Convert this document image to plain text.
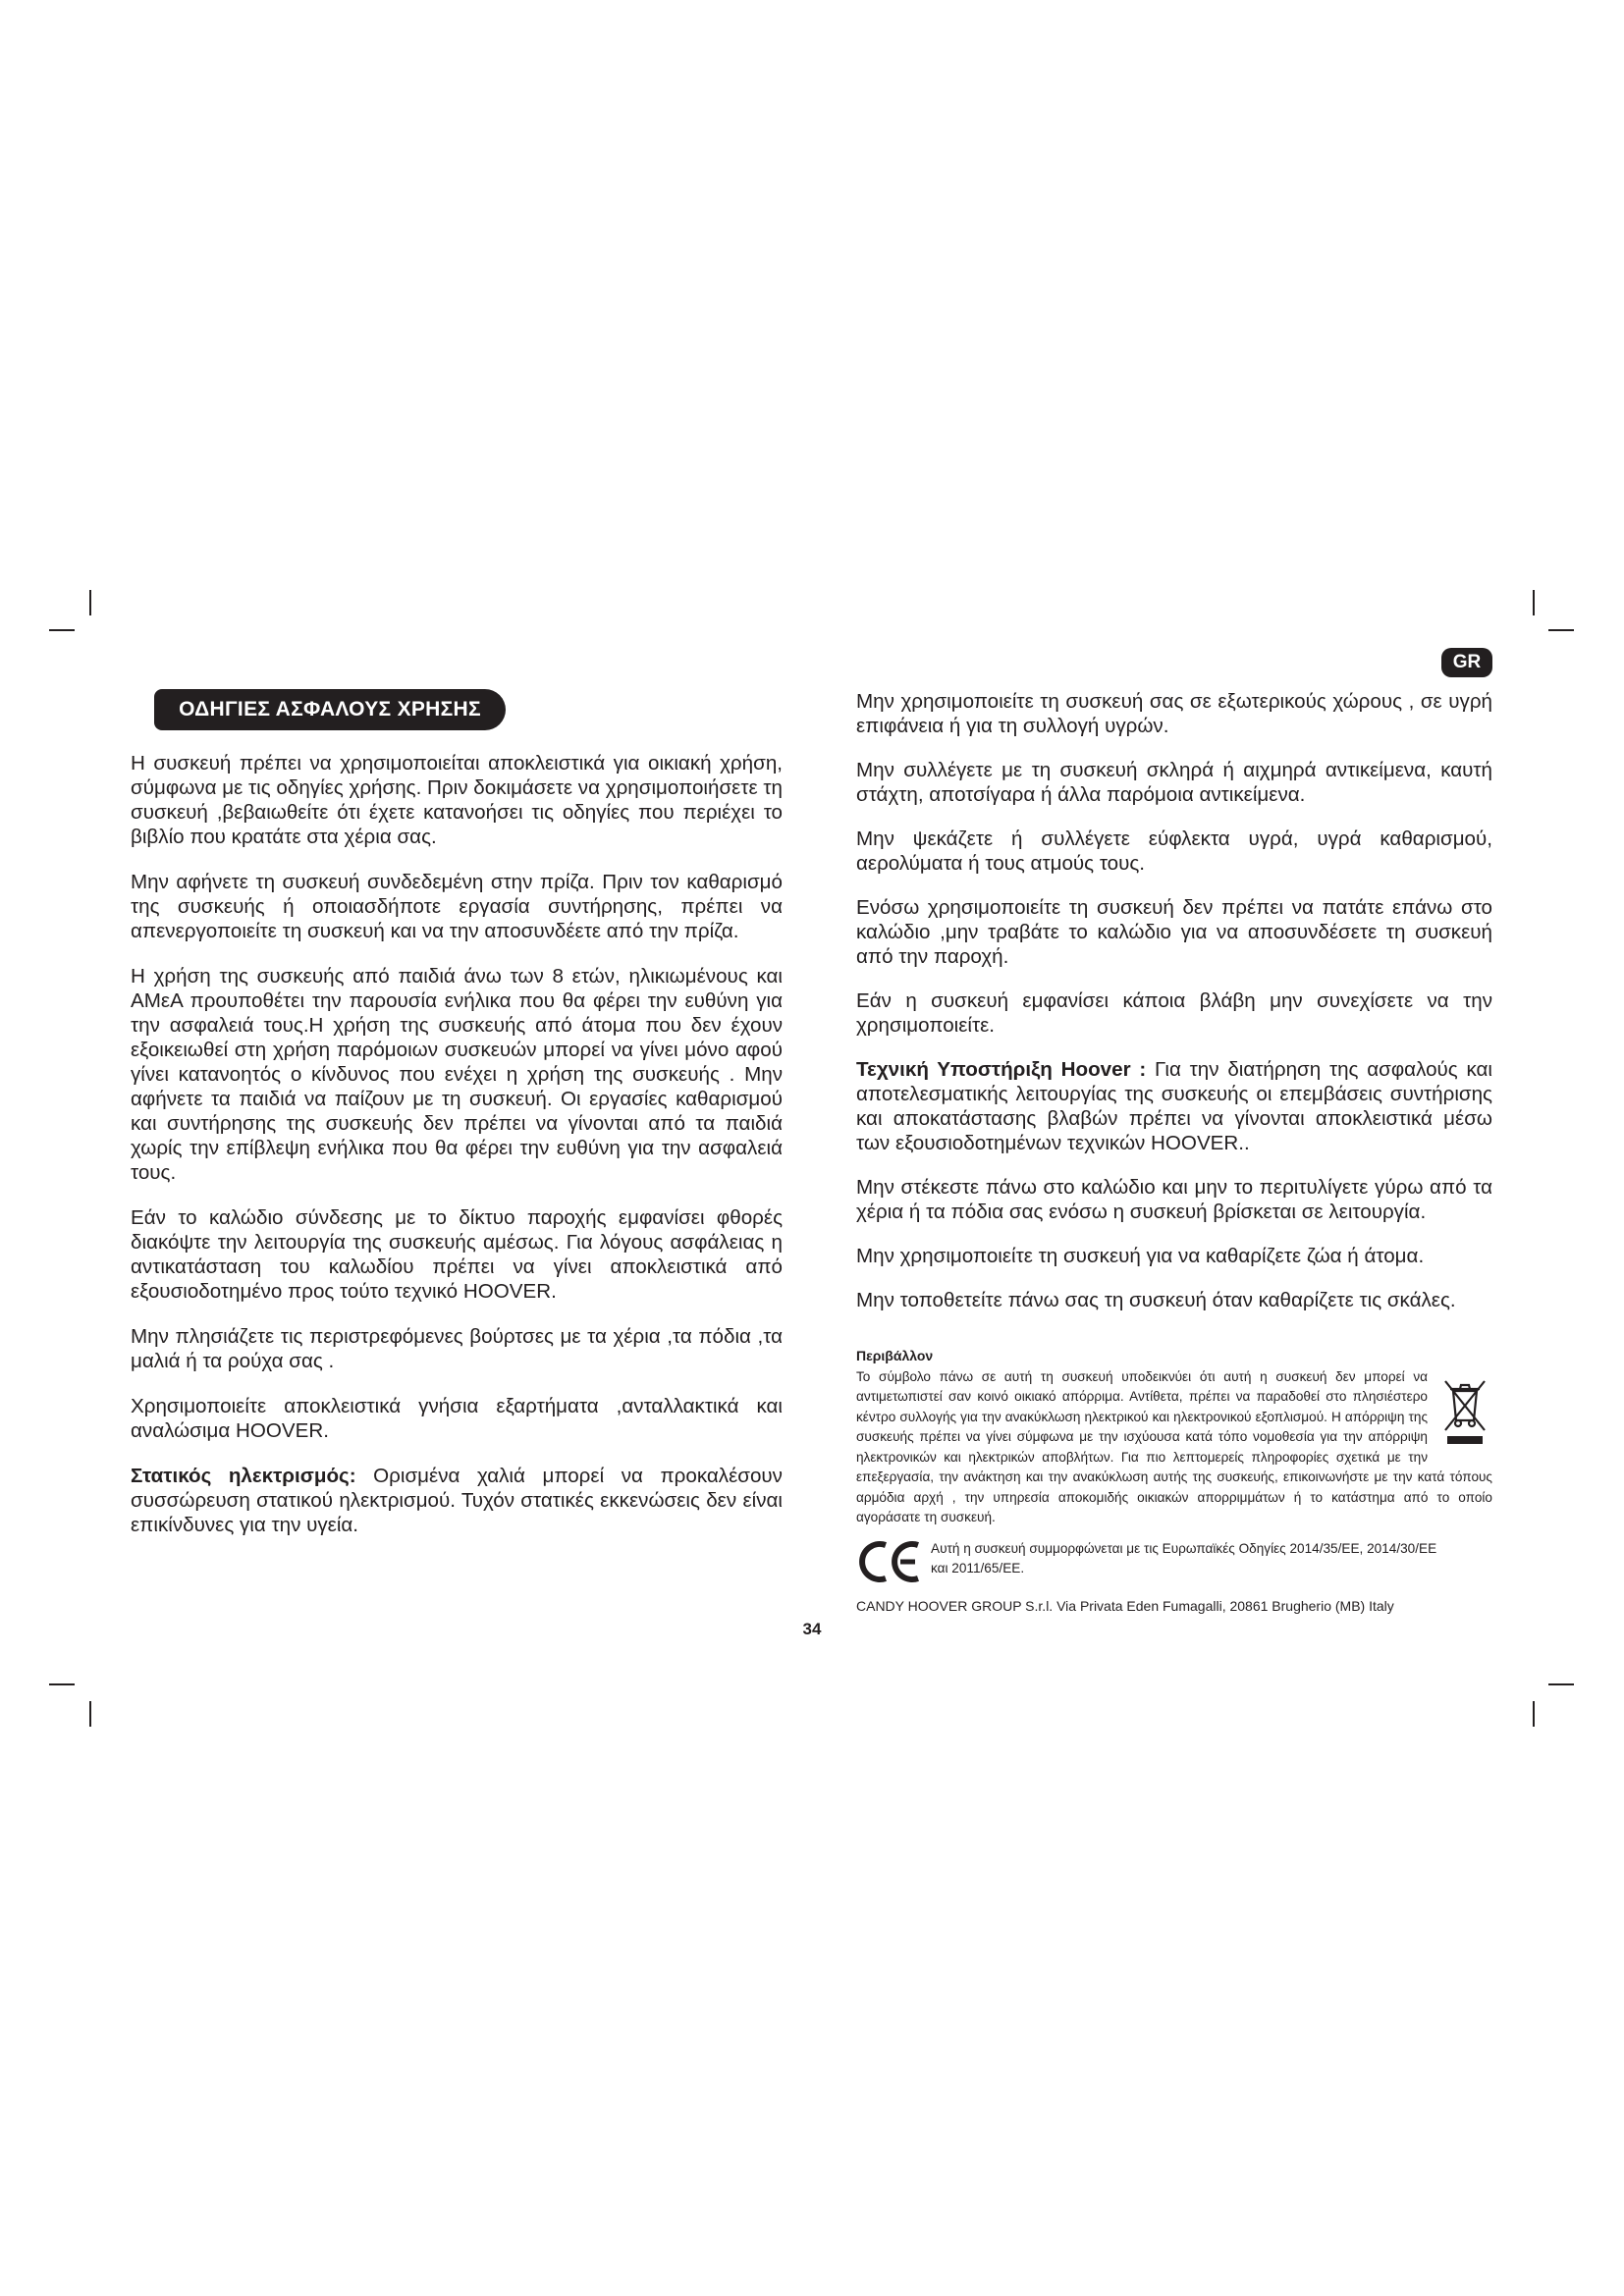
GR
ΟΔΗΓΙΕΣ ΑΣΦΑΛΟΥΣ ΧΡΗΣΗΣ

Η συσκευή πρέπει να χρησιμοποιείται αποκλειστικά για οικιακή χρήση, σύμφωνα με τις οδηγίες χρήσης. Πριν δοκιμάσετε να χρησιμοποιήσετε τη συσκευή ,βεβαιωθείτε ότι έχετε κατανοήσει τις οδηγίες που περιέχει το βιβλίο που κρατάτε στα χέρια σας.

Μην αφήνετε τη συσκευή συνδεδεμένη στην πρίζα. Πριν τον καθαρισμό της συσκευής ή οποιασδήποτε εργασία συντήρησης, πρέπει να απενεργοποιείτε τη συσκευή και να την αποσυνδέετε από την πρίζα.

Η χρήση της συσκευής από παιδιά άνω των 8 ετών, ηλικιωμένους και ΑΜεΑ προυποθέτει την παρουσία ενήλικα που θα φέρει την ευθύνη για την ασφαλειά τους.Η χρήση της συσκευής από άτομα που δεν έχουν εξοικειωθεί στη χρήση παρόμοιων συσκευών μπορεί να γίνει μόνο αφού γίνει κατανοητός ο κίνδυνος που ενέχει η χρήση της συσκευής . Μην αφήνετε τα παιδιά να παίζουν με τη συσκευή. Οι εργασίες καθαρισμού και συντήρησης της συσκευής δεν πρέπει να γίνονται από τα παιδιά χωρίς την επίβλεψη ενήλικα που θα φέρει την ευθύνη για την ασφαλειά τους.

Εάν το καλώδιο σύνδεσης με το δίκτυο παροχής εμφανίσει φθορές διακόψτε την λειτουργία της συσκευής αμέσως. Για λόγους ασφάλειας η αντικατάσταση του καλωδίου πρέπει να γίνει αποκλειστικά από εξουσιοδοτημένο προς τούτο τεχνικό HOOVER.

Μην πλησιάζετε τις περιστρεφόμενες βούρτσες με τα χέρια ,τα πόδια ,τα μαλιά ή τα ρούχα σας .

Χρησιμοποιείτε αποκλειστικά γνήσια εξαρτήματα ,ανταλλακτικά και αναλώσιμα HOOVER.

Στατικός ηλεκτρισμός: Ορισμένα χαλιά μπορεί να προκαλέσουν συσσώρευση στατικού ηλεκτρισμού. Τυχόν στατικές εκκενώσεις δεν είναι επικίνδυνες για την υγεία.

Μην χρησιμοποιείτε τη συσκευή σας σε εξωτερικούς χώρους , σε υγρή επιφάνεια ή για τη συλλογή υγρών.

Μην συλλέγετε με τη συσκευή σκληρά ή αιχμηρά αντικείμενα, καυτή στάχτη, αποτσίγαρα ή άλλα παρόμοια αντικείμενα.

Μην ψεκάζετε ή συλλέγετε εύφλεκτα υγρά, υγρά καθαρισμού, αερολύματα ή τους ατμούς τους.

Ενόσω χρησιμοποιείτε τη συσκευή δεν πρέπει να πατάτε επάνω στο καλώδιο ,μην τραβάτε το καλώδιο για να αποσυνδέσετε τη συσκευή από την παροχή.

Εάν η συσκευή εμφανίσει κάποια βλάβη μην συνεχίσετε να την χρησιμοποιείτε.

Τεχνική Υποστήριξη Hoover : Για την διατήρηση της ασφαλούς και αποτελεσματικής λειτουργίας της συσκευής οι επεμβάσεις συντήρισης και αποκατάστασης βλαβών πρέπει να γίνονται αποκλειστικά μέσω των εξουσιοδοτημένων τεχνικών HOOVER..

Μην στέκεστε πάνω στο καλώδιο και μην το περιτυλίγετε γύρω από τα χέρια ή τα πόδια σας ενόσω η συσκευή βρίσκεται σε λειτουργία.

Μην χρησιμοποιείτε τη συσκευή για να καθαρίζετε ζώα ή άτομα.

Μην τοποθετείτε πάνω σας τη συσκευή όταν καθαρίζετε τις σκάλες.

Περιβάλλον
Το σύμβολο πάνω σε αυτή τη συσκευή υποδεικνύει ότι αυτή η συσκευή δεν μπορεί να αντιμετωπιστεί σαν κοινό οικιακό απόρριμα. Αντίθετα, πρέπει να παραδοθεί στο πλησιέστερο κέντρο συλλογής για την ανακύκλωση ηλεκτρικού και ηλεκτρονικού εξοπλισμού. Η απόρριψη της συσκευής πρέπει να γίνει σύμφωνα με την ισχύουσα κατά τόπο νομοθεσία για την απόρριψη ηλεκτρονικών και ηλεκτρικών αποβλήτων. Για πιο λεπτομερείς πληροφορίες σχετικά με την επεξεργασία, την ανάκτηση και την ανακύκλωση αυτής της συσκευής, επικοινωνήστε με την κατά τόπους αρμόδια αρχή , την υπηρεσία αποκομιδής οικιακών απορριμμάτων ή το κατάστημα από το οποίο αγοράσατε τη συσκευή.
Αυτή η συσκευή συμμορφώνεται με τις Ευρωπαϊκές Οδηγίες 2014/35/ΕΕ, 2014/30/ΕΕ
και 2011/65/ΕΕ.
CANDY HOOVER GROUP S.r.l. Via Privata Eden Fumagalli, 20861 Brugherio (MB) Italy
34
